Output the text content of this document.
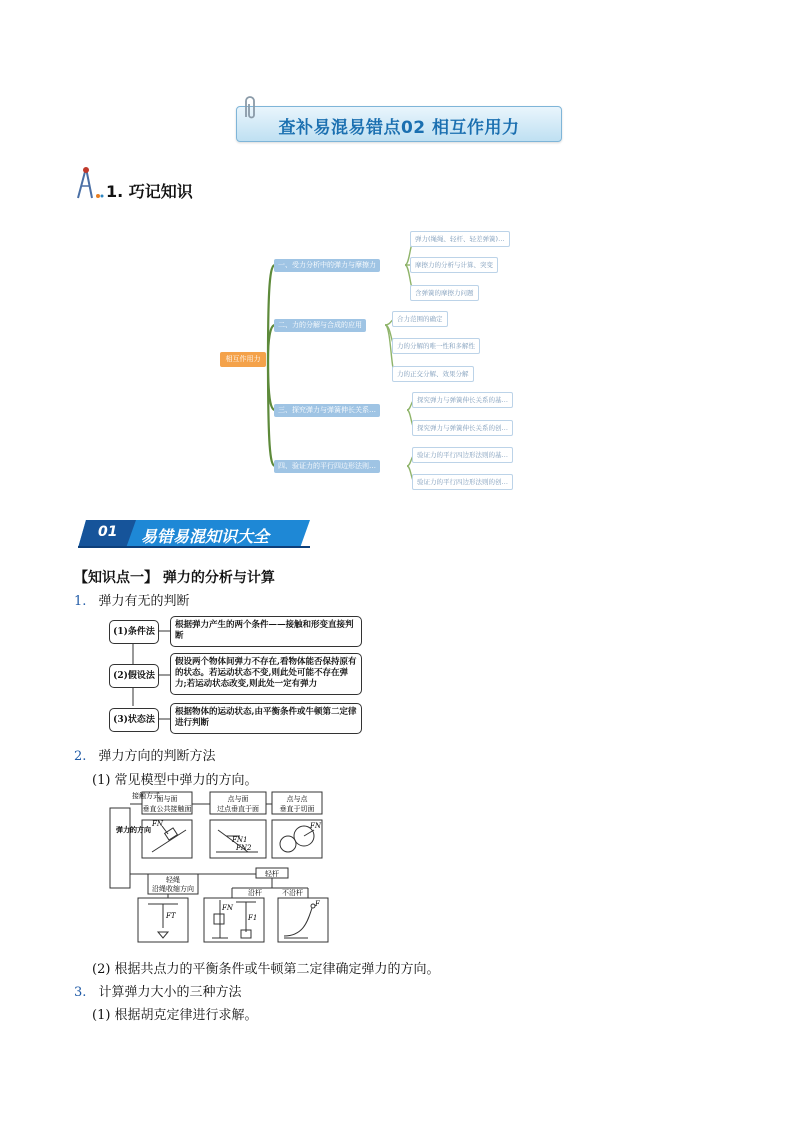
查补易混易错点02 相互作用力
1. 巧记知识
相互作用力
一、受力分析中的弹力与摩擦力
二、力的分解与合成的应用
三、探究弹力与弹簧伸长关系…
四、验证力的平行四边形法则…
弹力(绳绳、轻杆、轻差弹簧)…
摩擦力的分析与计算、突变
含弹簧的摩擦力问题
合力范围的确定
力的分解的唯一性和多解性
力的正交分解、效果分解
探究弹力与弹簧伸长关系的基…
探究弹力与弹簧伸长关系的创…
验证力的平行四边形法则的基…
验证力的平行四边形法则的创…
01 易错易混知识大全
【知识点一】 弹力的分析与计算
1. 弹力有无的判断
(1)条件法
(2)假设法
(3)状态法
根据弹力产生的两个条件——接触和形变直接判断
假设两个物体间弹力不存在,看物体能否保持原有的状态。若运动状态不变,则此处可能不存在弹力;若运动状态改变,则此处一定有弹力
根据物体的运动状态,由平衡条件或牛顿第二定律进行判断
2. 弹力方向的判断方法
(1) 常见模型中弹力的方向。
弹力的方向
接触方式
面与面
垂直公共接触面
点与面
过点垂直于面
点与点
垂直于切面
轻绳
沿绳收缩方向
轻杆
沿杆	不沿杆
FN
FN1
FN2
FN
FT
FN
F1
F
(2) 根据共点力的平衡条件或牛顿第二定律确定弹力的方向。
3. 计算弹力大小的三种方法
(1) 根据胡克定律进行求解。
